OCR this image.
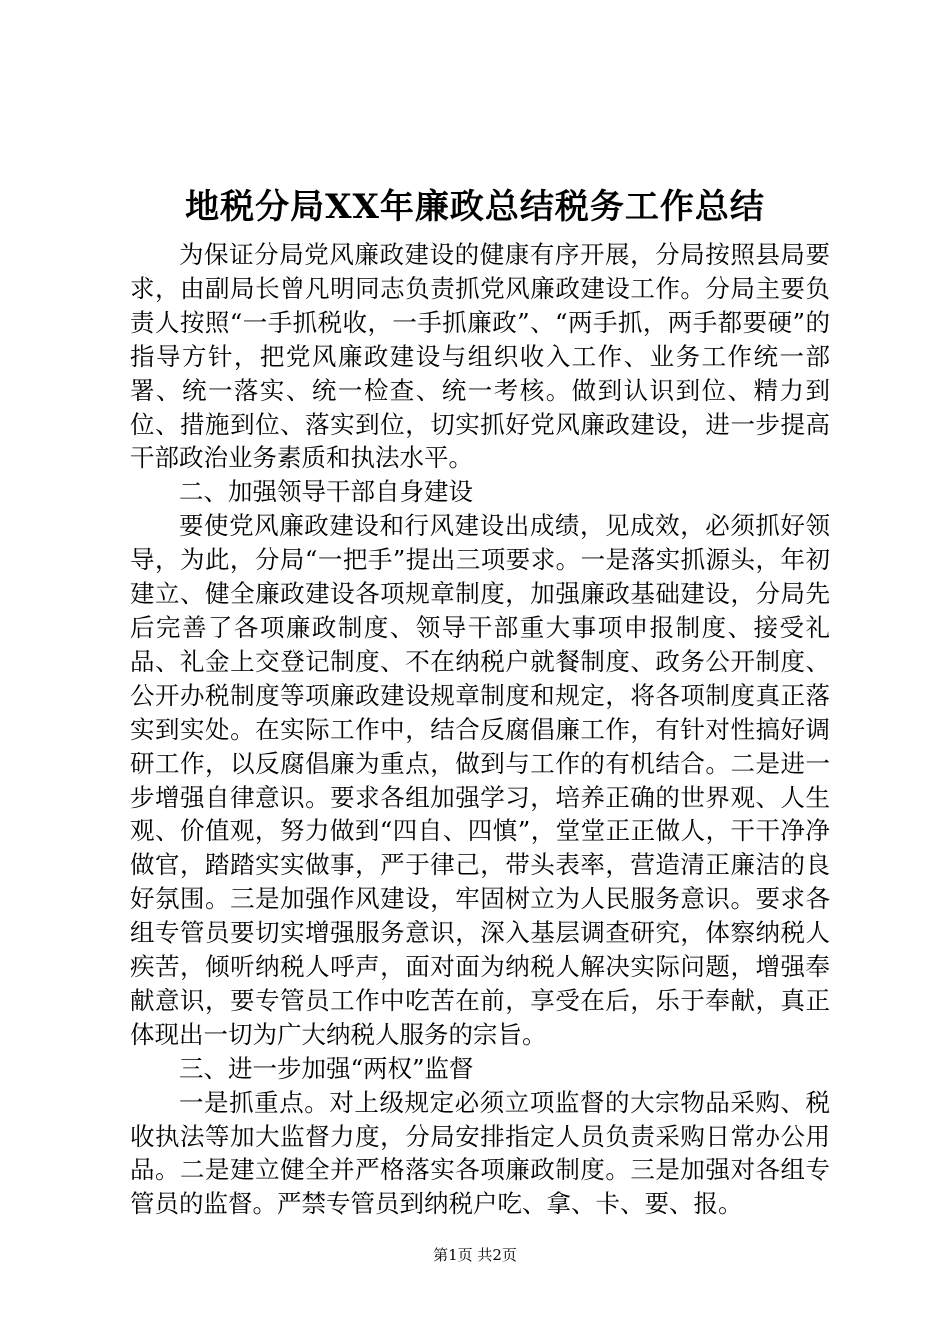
地税分局XX年廉政总结税务工作总结

为保证分局党风廉政建设的健康有序开展，分局按照县局要求，由副局长曾凡明同志负责抓党风廉政建设工作。分局主要负责人按照“一手抓税收，一手抓廉政”、“两手抓，两手都要硬”的指导方针，把党风廉政建设与组织收入工作、业务工作统一部署、统一落实、统一检查、统一考核。做到认识到位、精力到位、措施到位、落实到位，切实抓好党风廉政建设，进一步提高干部政治业务素质和执法水平。

二、加强领导干部自身建设

要使党风廉政建设和行风建设出成绩，见成效，必须抓好领导，为此，分局“一把手”提出三项要求。一是落实抓源头，年初建立、健全廉政建设各项规章制度，加强廉政基础建设，分局先后完善了各项廉政制度、领导干部重大事项申报制度、接受礼品、礼金上交登记制度、不在纳税户就餐制度、政务公开制度、公开办税制度等项廉政建设规章制度和规定，将各项制度真正落实到实处。在实际工作中，结合反腐倡廉工作，有针对性搞好调研工作，以反腐倡廉为重点，做到与工作的有机结合。二是进一步增强自律意识。要求各组加强学习，培养正确的世界观、人生观、价值观，努力做到“四自、四慎”，堂堂正正做人，干干净净做官，踏踏实实做事，严于律己，带头表率，营造清正廉洁的良好氛围。三是加强作风建设，牢固树立为人民服务意识。要求各组专管员要切实增强服务意识，深入基层调查研究，体察纳税人疾苦，倾听纳税人呼声，面对面为纳税人解决实际问题，增强奉献意识，要专管员工作中吃苦在前，享受在后，乐于奉献，真正体现出一切为广大纳税人服务的宗旨。

三、进一步加强“两权”监督

一是抓重点。对上级规定必须立项监督的大宗物品采购、税收执法等加大监督力度，分局安排指定人员负责采购日常办公用品。二是建立健全并严格落实各项廉政制度。三是加强对各组专管员的监督。严禁专管员到纳税户吃、拿、卡、要、报。

第1页 共2页
